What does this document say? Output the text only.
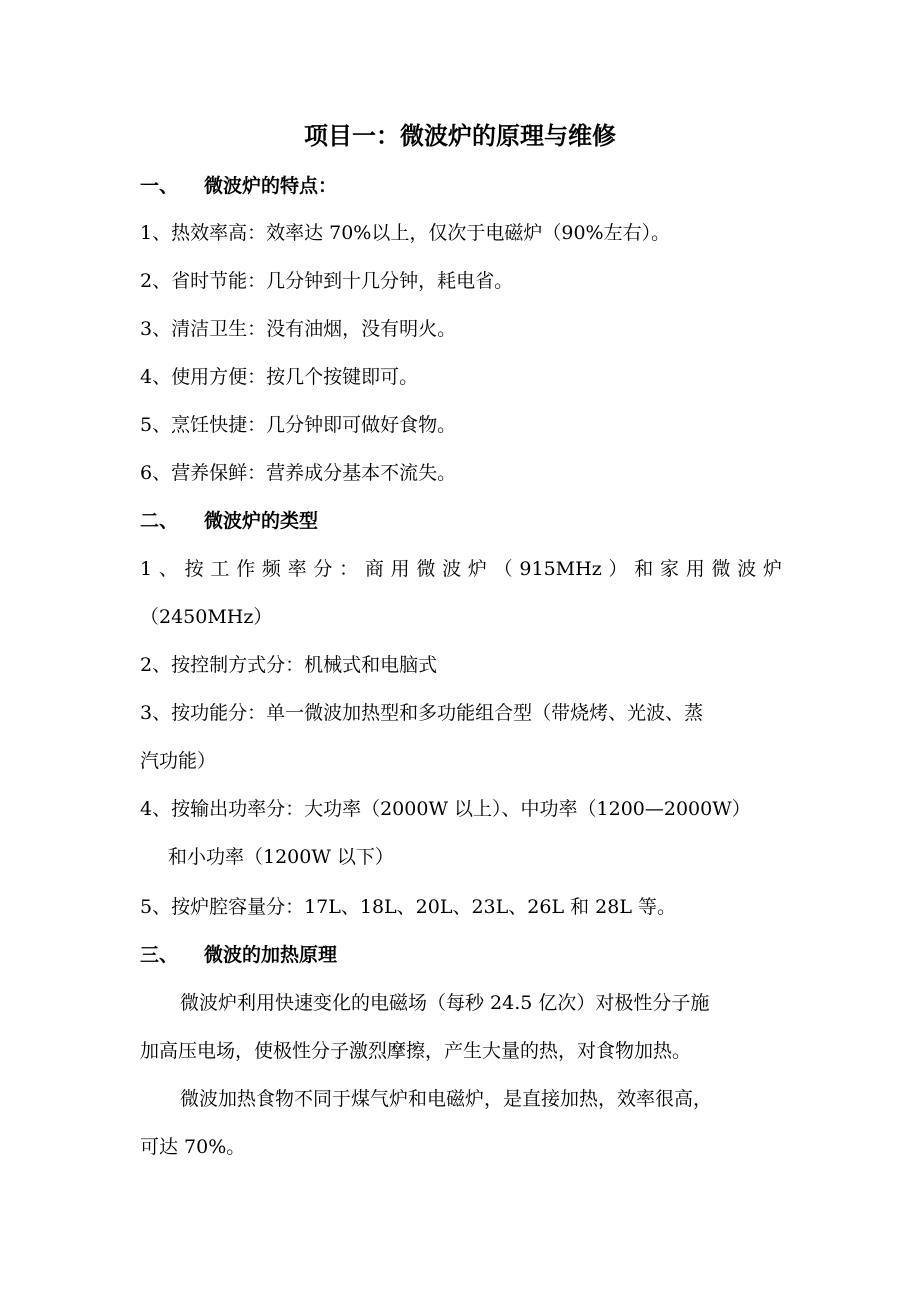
项目一：微波炉的原理与维修
一、 微波炉的特点：
1、热效率高：效率达 70%以上，仅次于电磁炉（90%左右）。
2、省时节能：几分钟到十几分钟，耗电省。
3、清洁卫生：没有油烟，没有明火。
4、使用方便：按几个按键即可。
5、烹饪快捷：几分钟即可做好食物。
6、营养保鲜：营养成分基本不流失。
二、 微波炉的类型
1、按工作频率分：商用微波炉（915MHz）和家用微波炉
（2450MHz）
2、按控制方式分：机械式和电脑式
3、按功能分：单一微波加热型和多功能组合型（带烧烤、光波、蒸
汽功能）
4、按输出功率分：大功率（2000W 以上）、中功率（1200—2000W）
和小功率（1200W 以下）
5、按炉腔容量分：17L、18L、20L、23L、26L 和 28L 等。
三、 微波的加热原理
微波炉利用快速变化的电磁场（每秒 24.5 亿次）对极性分子施
加高压电场，使极性分子激烈摩擦，产生大量的热，对食物加热。
微波加热食物不同于煤气炉和电磁炉，是直接加热，效率很高，
可达 70%。
